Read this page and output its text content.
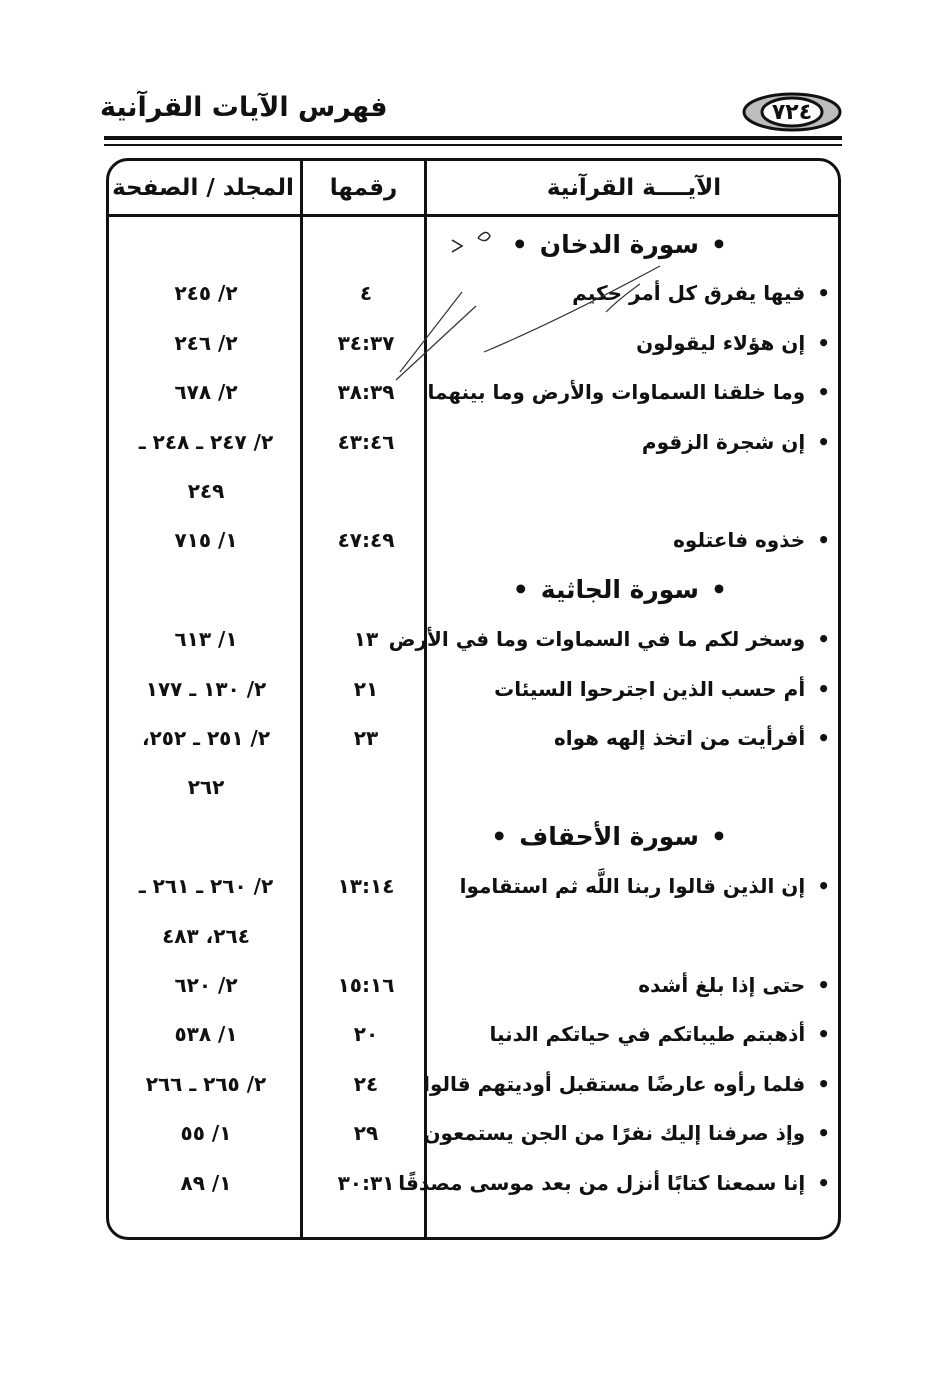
٧٢٤
فهرس الآيات القرآنية
الآيــــة القرآنية
رقمها
المجلد / الصفحة
•
سورة الدخان
•
•
فيها يفرق كل أمر حكيم
٤
٢/ ٢٤٥
•
إن هؤلاء ليقولون
٣٤:٣٧
٢/ ٢٤٦
•
وما خلقنا السماوات والأرض وما بينهما
٣٨:٣٩
٢/ ٦٧٨
•
إن شجرة الزقوم
٤٣:٤٦
٢/ ٢٤٧ ـ ٢٤٨ ـ
٢٤٩
•
خذوه فاعتلوه
٤٧:٤٩
١/ ٧١٥
•
سورة الجاثية
•
•
وسخر لكم ما في السماوات وما في الأرض
١٣
١/ ٦١٣
•
أم حسب الذين اجترحوا السيئات
٢١
٢/ ١٣٠ ـ ١٧٧
•
أفرأيت من اتخذ إلهه هواه
٢٣
٢/ ٢٥١ ـ ٢٥٢،
٢٦٢
•
سورة الأحقاف
•
•
إن الذين قالوا ربنا اللَّه ثم استقاموا
١٣:١٤
٢/ ٢٦٠ ـ ٢٦١ ـ
٢٦٤، ٤٨٣
•
حتى إذا بلغ أشده
١٥:١٦
٢/ ٦٢٠
•
أذهبتم طيباتكم في حياتكم الدنيا
٢٠
١/ ٥٣٨
•
فلما رأوه عارضًا مستقبل أوديتهم قالوا
٢٤
٢/ ٢٦٥ ـ ٢٦٦
•
وإذ صرفنا إليك نفرًا من الجن يستمعون
٢٩
١/ ٥٥
•
إنا سمعنا كتابًا أنزل من بعد موسى مصدقًا
٣٠:٣١
١/ ٨٩
